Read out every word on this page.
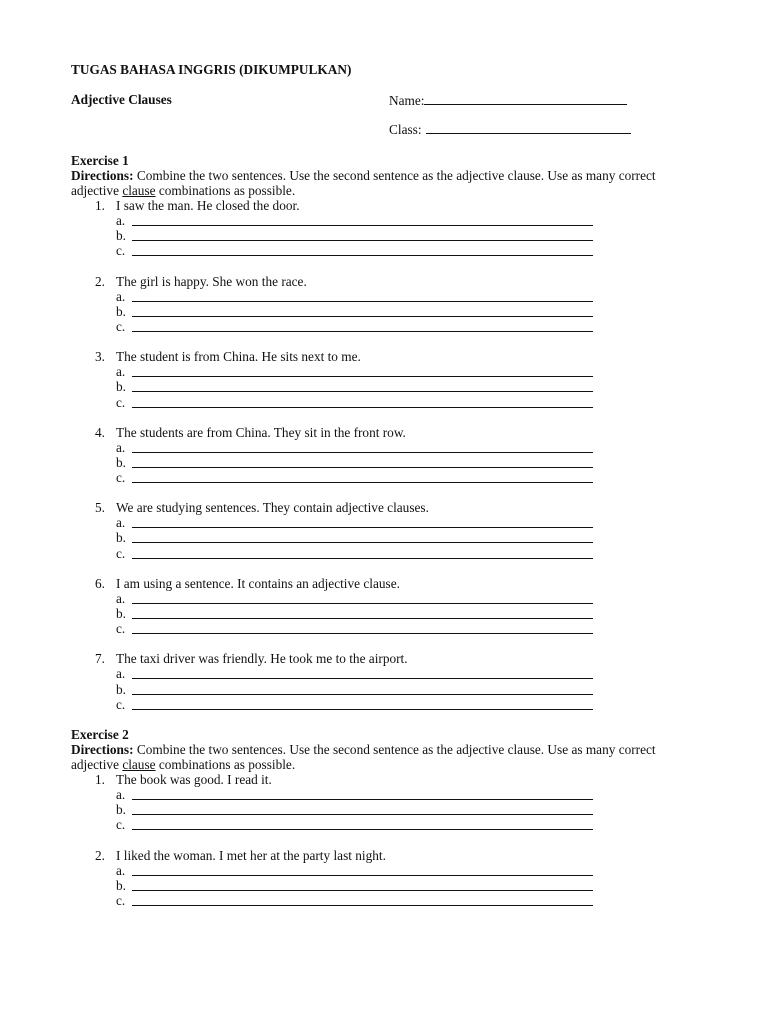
TUGAS BAHASA INGGRIS (DIKUMPULKAN)
Adjective Clauses	Name:
Class:
Exercise 1
Directions: Combine the two sentences. Use the second sentence as the adjective clause. Use as many correct adjective clause combinations as possible.
1. I saw the man. He closed the door.
a.
b.
c.
2. The girl is happy. She won the race.
a.
b.
c.
3. The student is from China. He sits next to me.
a.
b.
c.
4. The students are from China. They sit in the front row.
a.
b.
c.
5. We are studying sentences. They contain adjective clauses.
a.
b.
c.
6. I am using a sentence. It contains an adjective clause.
a.
b.
c.
7. The taxi driver was friendly. He took me to the airport.
a.
b.
c.
Exercise 2
Directions: Combine the two sentences. Use the second sentence as the adjective clause. Use as many correct adjective clause combinations as possible.
1. The book was good. I read it.
a.
b.
c.
2. I liked the woman. I met her at the party last night.
a.
b.
c.
